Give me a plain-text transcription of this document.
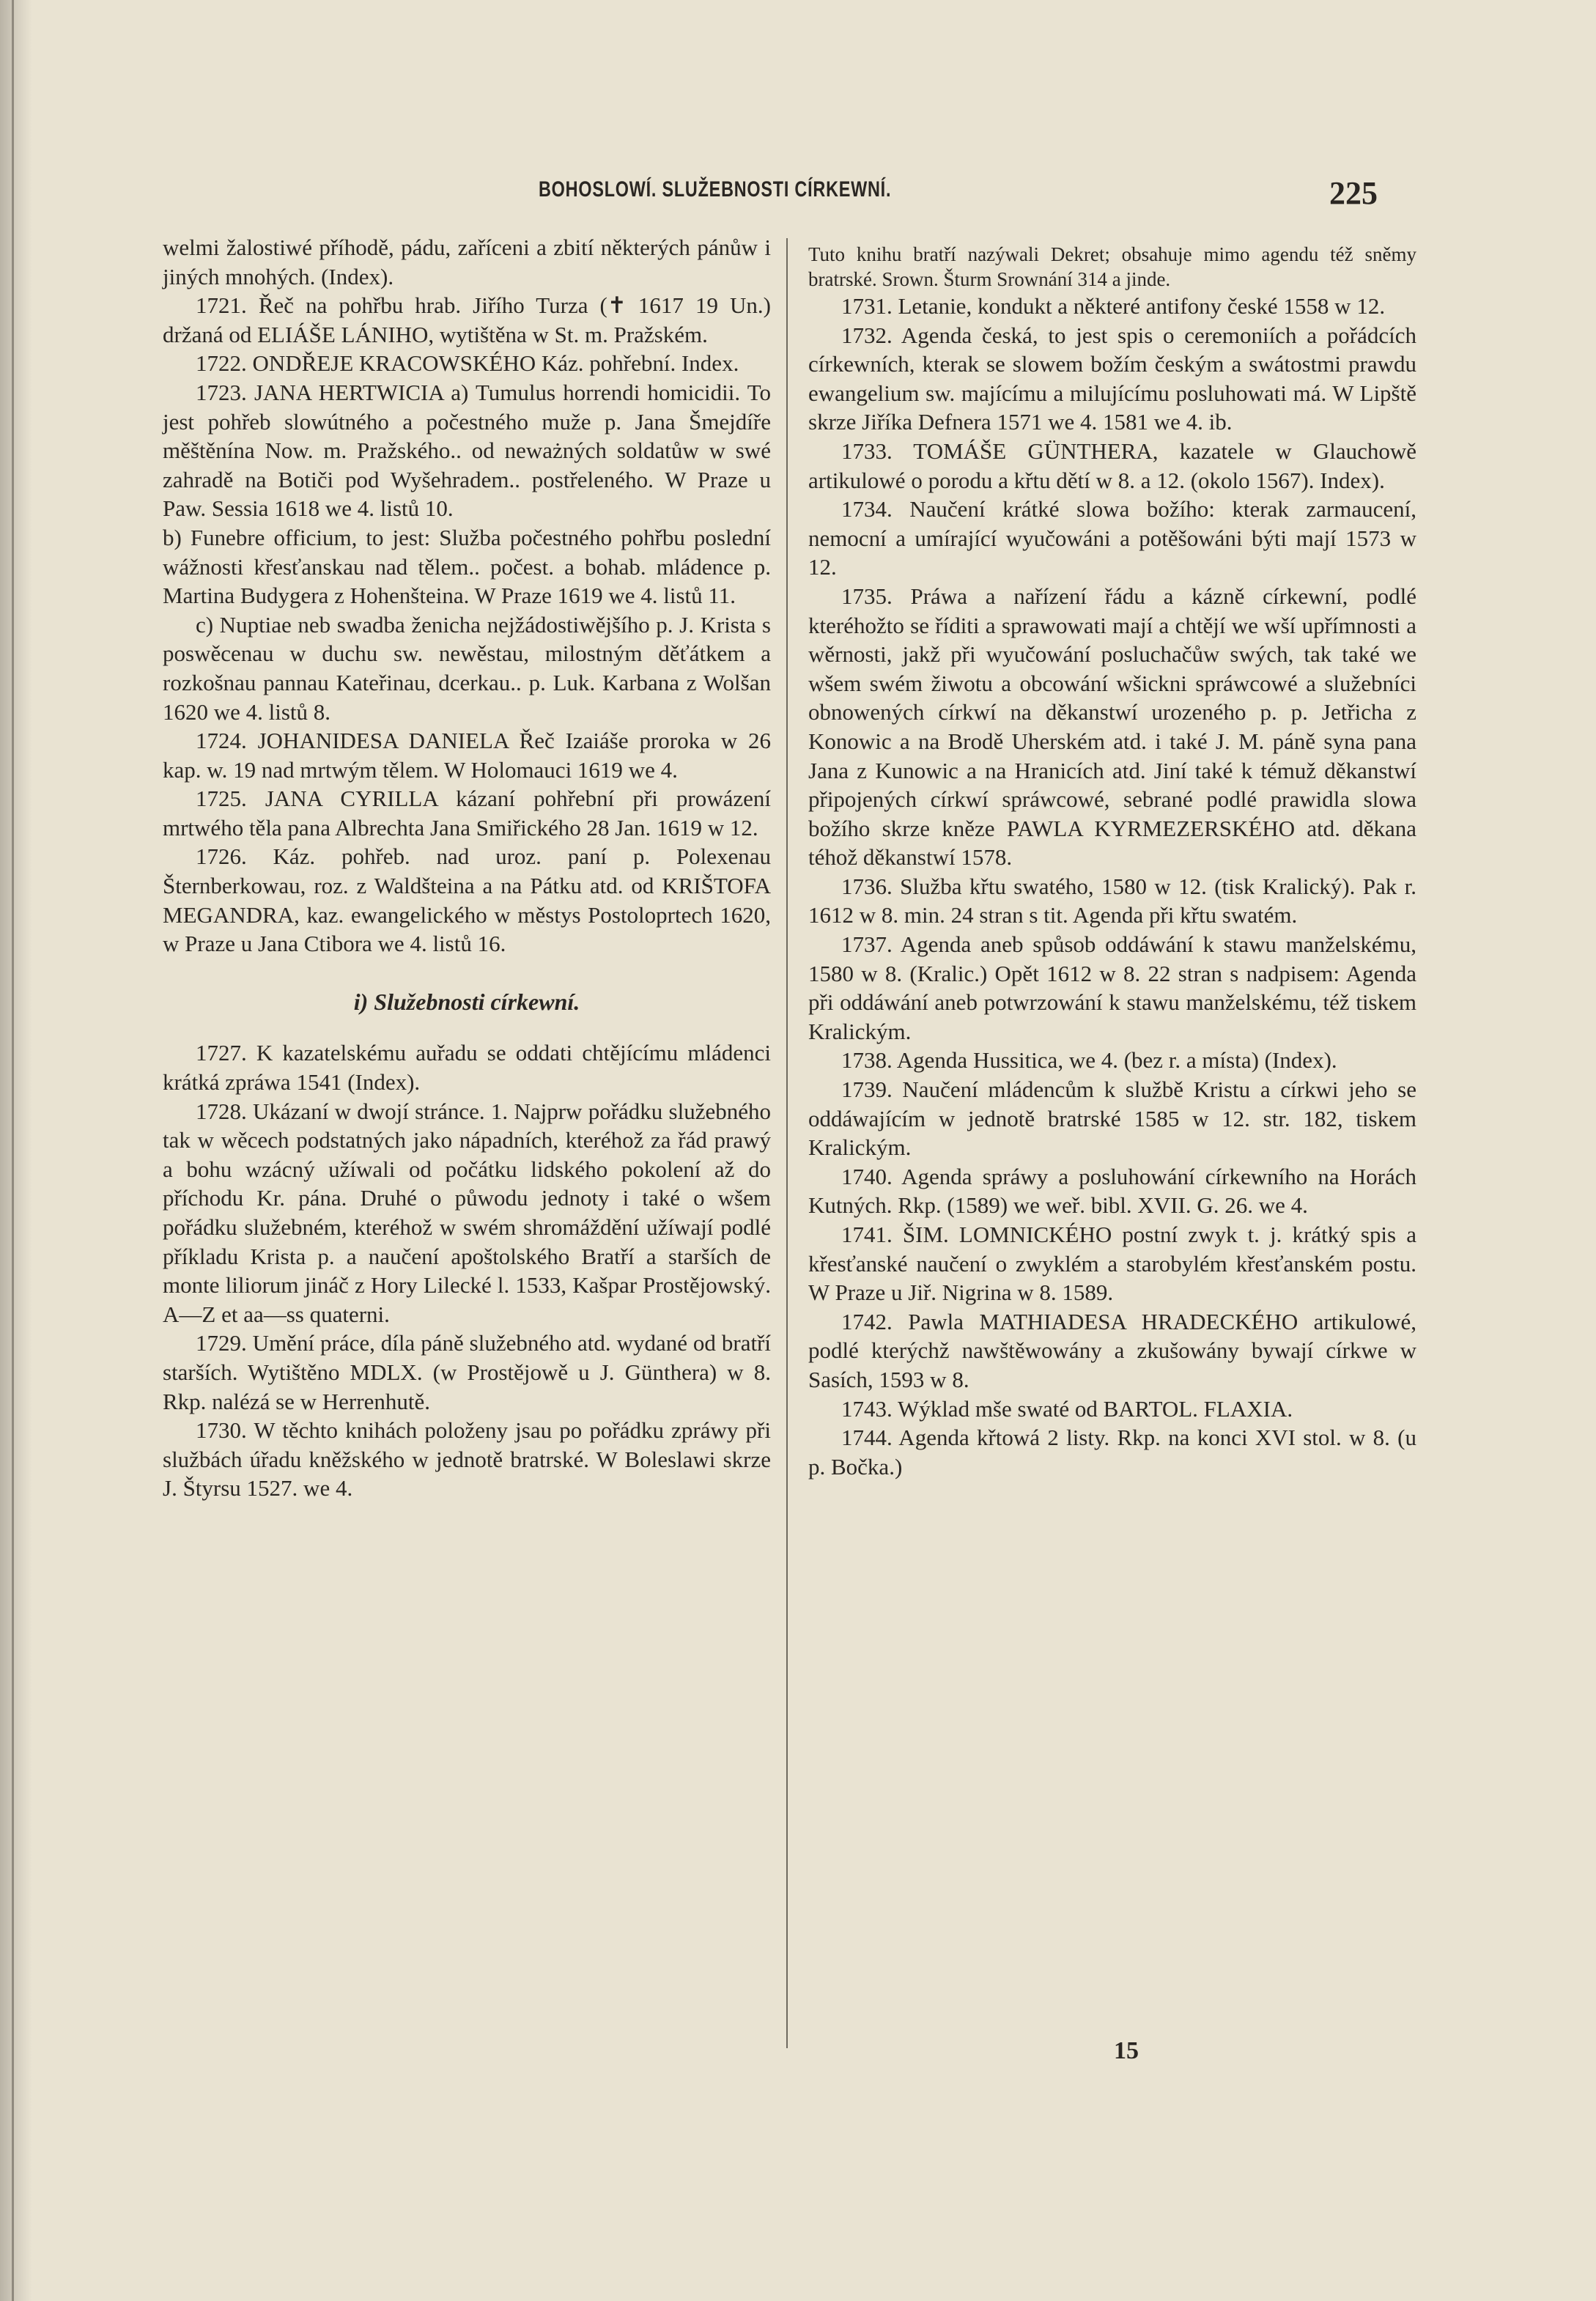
BOHOSLOWÍ. SLUŽEBNOSTI CÍRKEWNÍ.	225

welmi žalostiwé příhodě, pádu, zaříceni a zbití některých pánůw i jiných mnohých. (Index).

1721. Řeč na pohřbu hrab. Jiřího Turza (✝ 1617 19 Un.) držaná od ELIÁŠE LÁNIHO, wytištěna w St. m. Pražském.

1722. ONDŘEJE KRACOWSKÉHO Káz. pohřební. Index.

1723. JANA HERTWICIA a) Tumulus horrendi homicidii. To jest pohřeb slowútného a počestného muže p. Jana Šmejdíře měštěnína Now. m. Pražského.. od neważných soldatůw w swé zahradě na Botiči pod Wyšehradem.. postřeleného. W Praze u Paw. Sessia 1618 we 4. listů 10.

b) Funebre officium, to jest: Služba počestného pohřbu poslední wážnosti křesťanskau nad tělem.. počest. a bohab. mládence p. Martina Budygera z Hohenšteina. W Praze 1619 we 4. listů 11.

c) Nuptiae neb swadba ženicha nejžádostiwějšího p. J. Krista s poswěcenau w duchu sw. newěstau, milostným děťátkem a rozkošnau pannau Kateřinau, dcerkau.. p. Luk. Karbana z Wolšan 1620 we 4. listů 8.

1724. JOHANIDESA DANIELA Řeč Izaiáše proroka w 26 kap. w. 19 nad mrtwým tělem. W Holomauci 1619 we 4.

1725. JANA CYRILLA kázaní pohřební při prowázení mrtwého těla pana Albrechta Jana Smiřického 28 Jan. 1619 w 12.

1726. Káz. pohřeb. nad uroz. paní p. Polexenau Šternberkowau, roz. z Waldšteina a na Pátku atd. od KRIŠTOFA MEGANDRA, kaz. ewangelického w městys Postoloprtech 1620, w Praze u Jana Ctibora we 4. listů 16.

i) Služebnosti církewní.

1727. K kazatelskému auřadu se oddati chtějícímu mládenci krátká zpráwa 1541 (Index).

1728. Ukázaní w dwojí stránce. 1. Najprw pořádku služebného tak w wěcech podstatných jako nápadních, kteréhož za řád prawý a bohu wzácný užíwali od počátku lidského pokolení až do příchodu Kr. pána. Druhé o půwodu jednoty i také o wšem pořádku služebném, kteréhož w swém shromáždění užíwají podlé příkladu Krista p. a naučení apoštolského Bratří a starších de monte liliorum jináč z Hory Lilecké l. 1533, Kašpar Prostějowský. A—Z et aa—ss quaterni.

1729. Umění práce, díla páně služebného atd. wydané od bratří starších. Wytištěno MDLX. (w Prostějowě u J. Günthera) w 8. Rkp. nalézá se w Herrenhutě.

1730. W těchto knihách položeny jsau po pořádku zpráwy při službách úřadu kněžského w jednotě bratrské. W Boleslawi skrze J. Štyrsu 1527. we 4.

Tuto knihu bratří nazýwali Dekret; obsahuje mimo agendu též sněmy bratrské. Srown. Šturm Srownání 314 a jinde.

1731. Letanie, kondukt a některé antifony české 1558 w 12.

1732. Agenda česká, to jest spis o ceremoniích a pořádcích církewních, kterak se slowem božím českým a swátostmi prawdu ewangelium sw. majícímu a milujícímu posluhowati má. W Lipště skrze Jiříka Defnera 1571 we 4. 1581 we 4. ib.

1733. TOMÁŠE GÜNTHERA, kazatele w Glauchowě artikulowé o porodu a křtu dětí w 8. a 12. (okolo 1567). Index).

1734. Naučení krátké slowa božího: kterak zarmaucení, nemocní a umírající wyučowáni a potěšowáni býti mají 1573 w 12.

1735. Práwa a nařízení řádu a kázně církewní, podlé kteréhožto se říditi a sprawowati mají a chtějí we wší upřímnosti a wěrnosti, jakž při wyučowání posluchačůw swých, tak také we wšem swém žiwotu a obcowání wšickni spráwcowé a služebníci obnowených církwí na děkanstwí urozeného p. p. Jetřicha z Konowic a na Brodě Uherském atd. i také J. M. páně syna pana Jana z Kunowic a na Hranicích atd. Jiní také k témuž děkanstwí připojených církwí spráwcowé, sebrané podlé prawidla slowa božího skrze kněze PAWLA KYRMEZERSKÉHO atd. děkana téhož děkanstwí 1578.

1736. Služba křtu swatého, 1580 w 12. (tisk Kralický). Pak r. 1612 w 8. min. 24 stran s tit. Agenda při křtu swatém.

1737. Agenda aneb spůsob oddáwání k stawu manželskému, 1580 w 8. (Kralic.) Opět 1612 w 8. 22 stran s nadpisem: Agenda při oddáwání aneb potwrzowání k stawu manželskému, též tiskem Kralickým.

1738. Agenda Hussitica, we 4. (bez r. a místa) (Index).

1739. Naučení mládencům k službě Kristu a církwi jeho se oddáwajícím w jednotě bratrské 1585 w 12. str. 182, tiskem Kralickým.

1740. Agenda spráwy a posluhowání církewního na Horách Kutných. Rkp. (1589) we weř. bibl. XVII. G. 26. we 4.

1741. ŠIM. LOMNICKÉHO postní zwyk t. j. krátký spis a křesťanské naučení o zwyklém a starobylém křesťanském postu. W Praze u Jiř. Nigrina w 8. 1589.

1742. Pawla MATHIADESA HRADECKÉHO artikulowé, podlé kterýchž nawštěwowány a zkušowány bywají církwe w Sasích, 1593 w 8.

1743. Wýklad mše swaté od BARTOL. FLAXIA.

1744. Agenda křtowá 2 listy. Rkp. na konci XVI stol. w 8. (u p. Bočka.)

15
